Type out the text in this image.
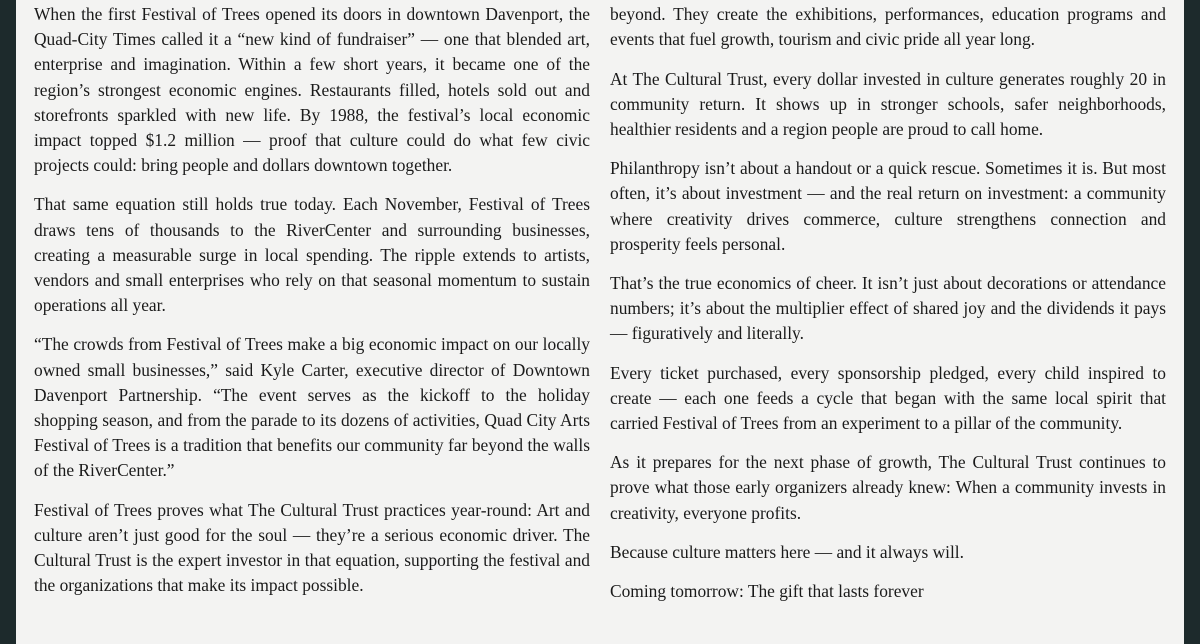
When the first Festival of Trees opened its doors in downtown Davenport, the Quad-City Times called it a “new kind of fundraiser” — one that blended art, enterprise and imagination. Within a few short years, it became one of the region’s strongest economic engines. Restaurants filled, hotels sold out and storefronts sparkled with new life. By 1988, the festival’s local economic impact topped $1.2 million — proof that culture could do what few civic projects could: bring people and dollars downtown together.

That same equation still holds true today. Each November, Festival of Trees draws tens of thousands to the RiverCenter and surrounding businesses, creating a measurable surge in local spending. The ripple extends to artists, vendors and small enterprises who rely on that seasonal momentum to sustain operations all year.

“The crowds from Festival of Trees make a big economic impact on our locally owned small businesses,” said Kyle Carter, executive director of Downtown Davenport Partnership. “The event serves as the kickoff to the holiday shopping season, and from the parade to its dozens of activities, Quad City Arts Festival of Trees is a tradition that benefits our community far beyond the walls of the RiverCenter.”

Festival of Trees proves what The Cultural Trust practices year-round: Art and culture aren’t just good for the soul — they’re a serious economic driver. The Cultural Trust is the expert investor in that equation, supporting the festival and the organizations that make its impact possible.

beyond. They create the exhibitions, performances, education programs and events that fuel growth, tourism and civic pride all year long.

At The Cultural Trust, every dollar invested in culture generates roughly 20 in community return. It shows up in stronger schools, safer neighborhoods, healthier residents and a region people are proud to call home.

Philanthropy isn’t about a handout or a quick rescue. Sometimes it is. But most often, it’s about investment — and the real return on investment: a community where creativity drives commerce, culture strengthens connection and prosperity feels personal.

That’s the true economics of cheer. It isn’t just about decorations or attendance numbers; it’s about the multiplier effect of shared joy and the dividends it pays — figuratively and literally.

Every ticket purchased, every sponsorship pledged, every child inspired to create — each one feeds a cycle that began with the same local spirit that carried Festival of Trees from an experiment to a pillar of the community.

As it prepares for the next phase of growth, The Cultural Trust continues to prove what those early organizers already knew: When a community invests in creativity, everyone profits.

Because culture matters here — and it always will.

Coming tomorrow: The gift that lasts forever
